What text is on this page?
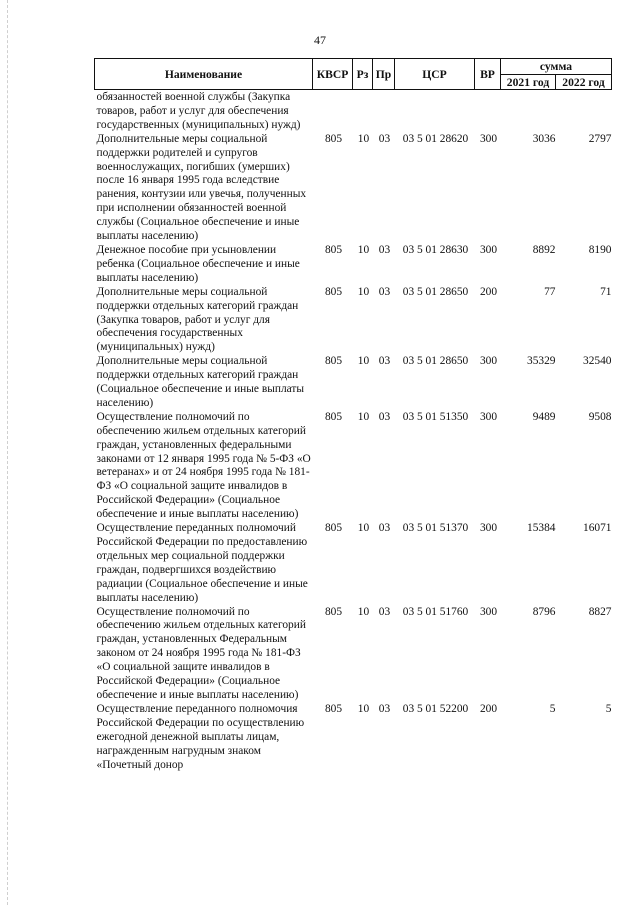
47
Наименование	КВСР	Рз	Пр	ЦСР	ВР	сумма	
						2021 год	2022 год
обязанностей военной службы (Закупка товаров, работ и услуг для обеспечения государственных (муниципальных) нужд)							
Дополнительные меры социальной поддержки родителей и супругов военнослужащих, погибших (умерших) после 16 января 1995 года вследствие ранения, контузии или увечья, полученных при исполнении обязанностей военной службы (Социальное обеспечение и иные выплаты населению)	805	10	03	03 5 01 28620	300	3036	2797
Денежное пособие при усыновлении ребенка (Социальное обеспечение и иные выплаты населению)	805	10	03	03 5 01 28630	300	8892	8190
Дополнительные меры социальной поддержки отдельных категорий граждан (Закупка товаров, работ и услуг для обеспечения государственных (муниципальных) нужд)	805	10	03	03 5 01 28650	200	77	71
Дополнительные меры социальной поддержки отдельных категорий граждан (Социальное обеспечение и иные выплаты населению)	805	10	03	03 5 01 28650	300	35329	32540
Осуществление полномочий по обеспечению жильем отдельных категорий граждан, установленных федеральными законами от 12 января 1995 года № 5-ФЗ «О ветеранах» и от 24 ноября 1995 года № 181-ФЗ «О социальной защите инвалидов в Российской Федерации» (Социальное обеспечение и иные выплаты населению)	805	10	03	03 5 01 51350	300	9489	9508
Осуществление переданных полномочий Российской Федерации по предоставлению отдельных мер социальной поддержки граждан, подвергшихся воздействию радиации (Социальное обеспечение и иные выплаты населению)	805	10	03	03 5 01 51370	300	15384	16071
Осуществление полномочий по обеспечению жильем отдельных категорий граждан, установленных Федеральным законом от 24 ноября 1995 года № 181-ФЗ «О социальной защите инвалидов в Российской Федерации» (Социальное обеспечение и иные выплаты населению)	805	10	03	03 5 01 51760	300	8796	8827
Осуществление переданного полномочия Российской Федерации по осуществлению ежегодной денежной выплаты лицам, награжденным нагрудным знаком «Почетный донор	805	10	03	03 5 01 52200	200	5	5
